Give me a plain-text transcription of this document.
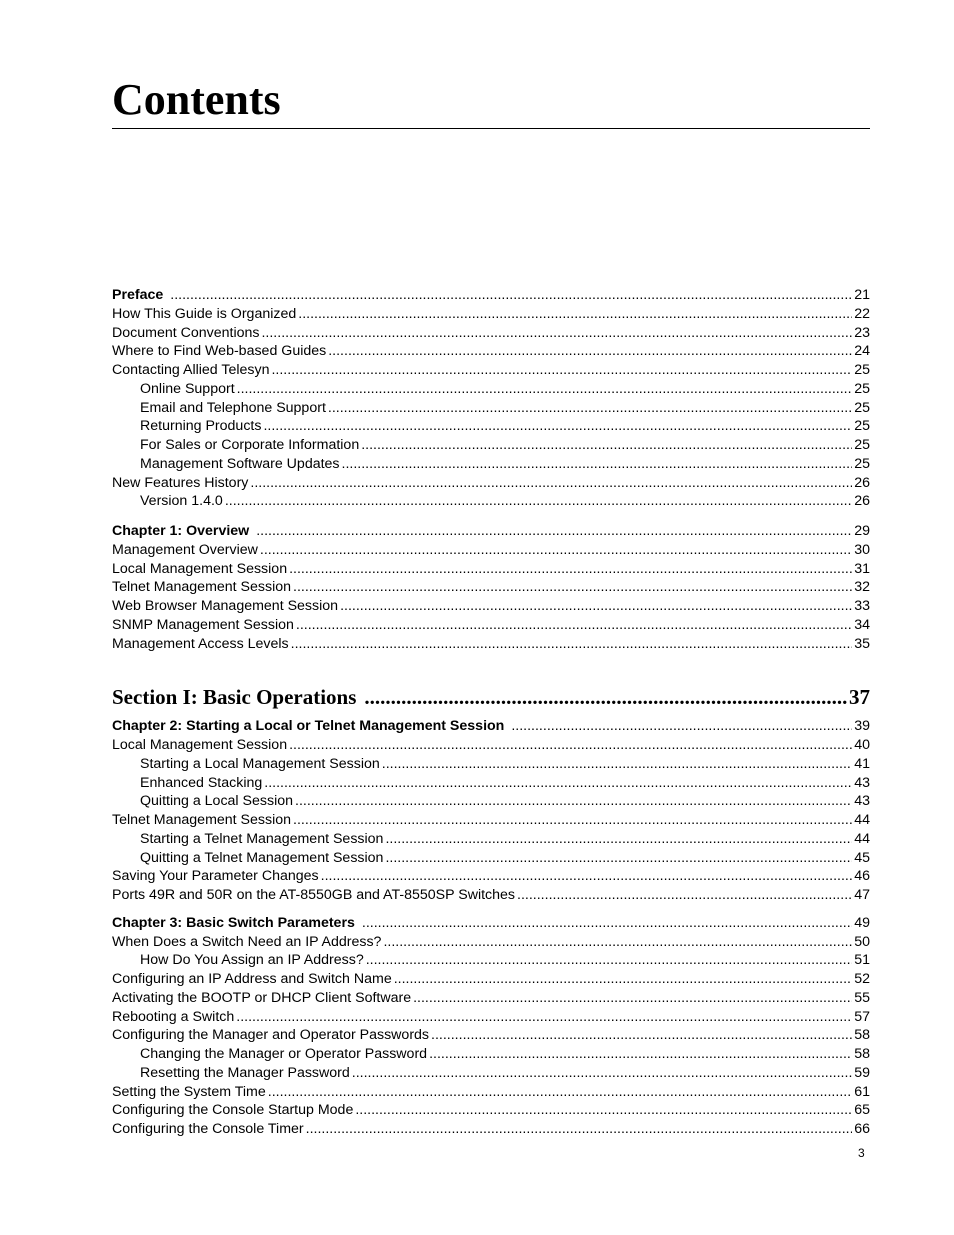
Contents
Preface .....	21
How This Guide is Organized .....	22
Document Conventions .....	23
Where to Find Web-based Guides .....	24
Contacting Allied Telesyn .....	25
Online Support .....	25
Email and Telephone Support .....	25
Returning Products .....	25
For Sales or Corporate Information .....	25
Management Software Updates .....	25
New Features History .....	26
Version 1.4.0 .....	26
Chapter 1: Overview .....	29
Management Overview .....	30
Local Management Session .....	31
Telnet Management Session .....	32
Web Browser Management Session .....	33
SNMP Management Session .....	34
Management Access Levels .....	35
Section I: Basic Operations .....	37
Chapter 2: Starting a Local or Telnet Management Session .....	39
Local Management Session .....	40
Starting a Local Management Session .....	41
Enhanced Stacking .....	43
Quitting a Local Session .....	43
Telnet Management Session .....	44
Starting a Telnet Management Session .....	44
Quitting a Telnet Management Session .....	45
Saving Your Parameter Changes .....	46
Ports 49R and 50R on the AT-8550GB and AT-8550SP Switches .....	47
Chapter 3: Basic Switch Parameters .....	49
When Does a Switch Need an IP Address? .....	50
How Do You Assign an IP Address? .....	51
Configuring an IP Address and Switch Name .....	52
Activating the BOOTP or DHCP Client Software .....	55
Rebooting a Switch .....	57
Configuring the Manager and Operator Passwords .....	58
Changing the Manager or Operator Password .....	58
Resetting the Manager Password .....	59
Setting the System Time .....	61
Configuring the Console Startup Mode .....	65
Configuring the Console Timer .....	66
3
